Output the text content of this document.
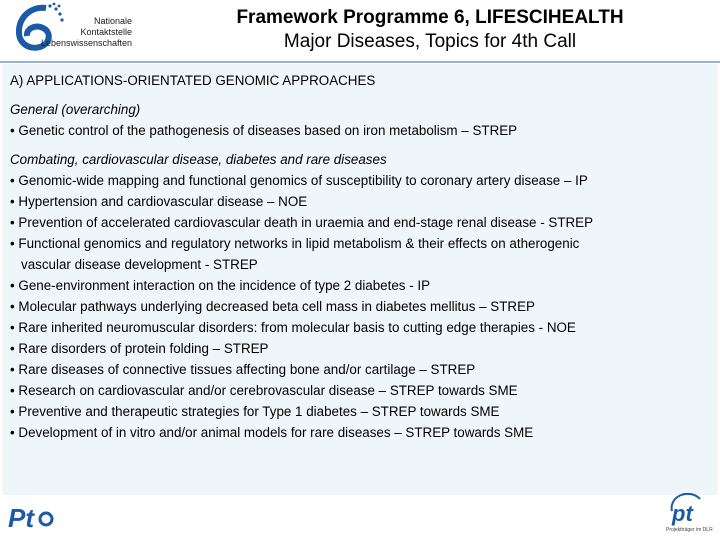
Nationale
Kontaktstelle
Lebenswissenschaften
Framework Programme 6, LIFESCIHEALTH
Major Diseases, Topics for 4th Call
A) APPLICATIONS-ORIENTATED GENOMIC APPROACHES
General (overarching)
• Genetic control of the pathogenesis of diseases based on iron metabolism – STREP
Combating, cardiovascular disease, diabetes and rare diseases
• Genomic-wide mapping and functional genomics of susceptibility to coronary artery disease – IP
• Hypertension and cardiovascular disease – NOE
• Prevention of accelerated cardiovascular death in uraemia and end-stage renal disease - STREP
• Functional genomics and regulatory networks in lipid metabolism & their effects on atherogenic
vascular disease development - STREP
• Gene-environment interaction on the incidence of type 2 diabetes - IP
• Molecular pathways underlying decreased beta cell mass in diabetes mellitus – STREP
• Rare inherited neuromuscular disorders: from molecular basis to cutting edge therapies - NOE
• Rare disorders of protein folding – STREP
• Rare diseases of connective tissues affecting bone and/or cartilage – STREP
• Research on cardiovascular and/or cerebrovascular disease – STREP towards SME
• Preventive and therapeutic strategies for Type 1 diabetes – STREP towards SME
• Development of in vitro and/or animal models for rare diseases – STREP towards SME
Pt	pt
Projektträger im DLR
